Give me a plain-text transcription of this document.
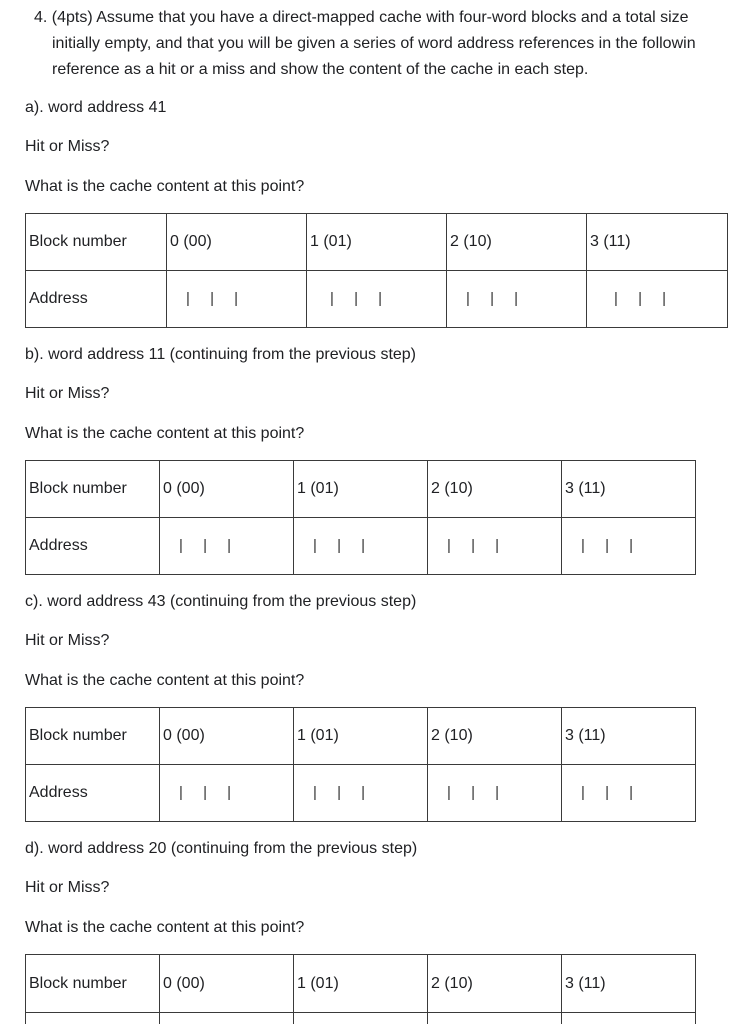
4. (4pts) Assume that you have a direct-mapped cache with four-word blocks and a total size
initially empty, and that you will be given a series of word address references in the followin
reference as a hit or a miss and show the content of the cache in each step.
a). word address 41
Hit or Miss?
What is the cache content at this point?
Block number	0 (00)	1 (01)	2 (10)	3 (11)
Address	| | |	| | |	| | |	| | |
b). word address 11 (continuing from the previous step)
Hit or Miss?
What is the cache content at this point?
Block number	0 (00)	1 (01)	2 (10)	3 (11)
Address	| | |	| | |	| | |	| | |
c). word address 43 (continuing from the previous step)
Hit or Miss?
What is the cache content at this point?
Block number	0 (00)	1 (01)	2 (10)	3 (11)
Address	| | |	| | |	| | |	| | |
d). word address 20 (continuing from the previous step)
Hit or Miss?
What is the cache content at this point?
Block number	0 (00)	1 (01)	2 (10)	3 (11)
